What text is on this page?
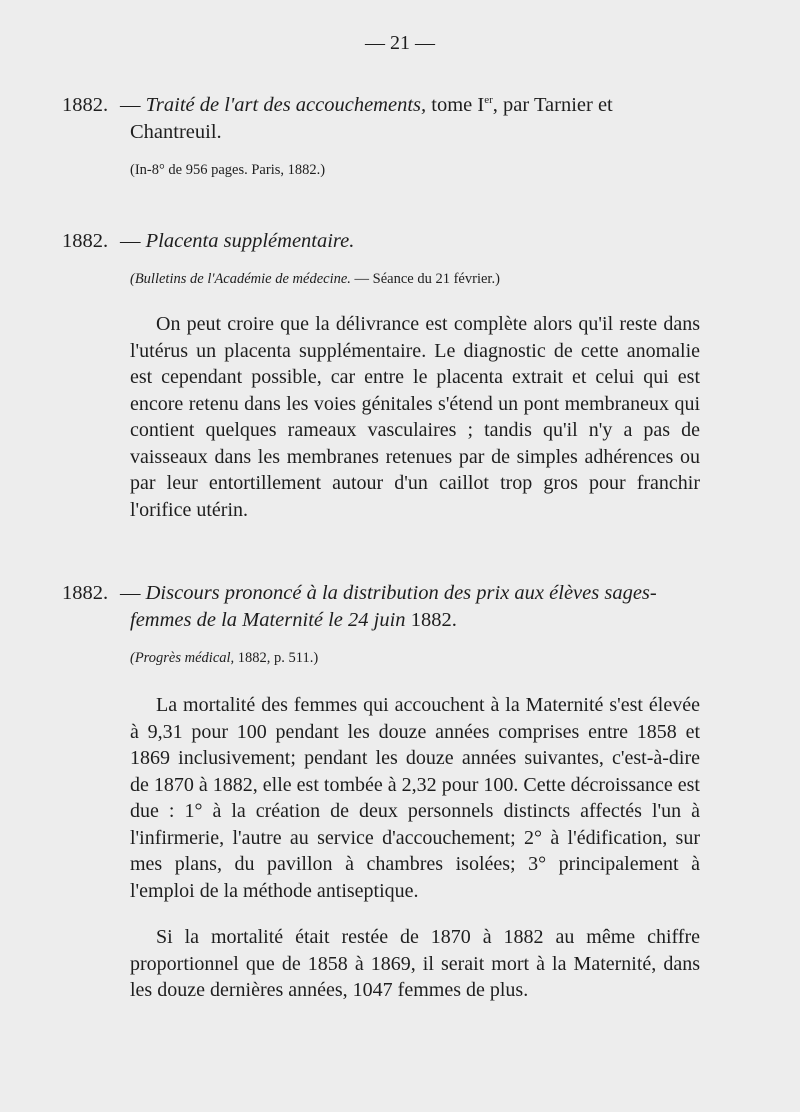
— 21 —

1882. — Traité de l'art des accouchements, tome Ier, par Tarnier et Chantreuil.

(In-8° de 956 pages. Paris, 1882.)

1882. — Placenta supplémentaire.

(Bulletins de l'Académie de médecine. — Séance du 21 février.)

On peut croire que la délivrance est complète alors qu'il reste dans l'utérus un placenta supplémentaire. Le diagnostic de cette anomalie est cependant possible, car entre le placenta extrait et celui qui est encore retenu dans les voies génitales s'étend un pont membraneux qui contient quelques rameaux vasculaires ; tandis qu'il n'y a pas de vaisseaux dans les membranes retenues par de simples adhérences ou par leur entortillement autour d'un caillot trop gros pour franchir l'orifice utérin.

1882. — Discours prononcé à la distribution des prix aux élèves sages-femmes de la Maternité le 24 juin 1882.

(Progrès médical, 1882, p. 511.)

La mortalité des femmes qui accouchent à la Maternité s'est élevée à 9,31 pour 100 pendant les douze années comprises entre 1858 et 1869 inclusivement; pendant les douze années suivantes, c'est-à-dire de 1870 à 1882, elle est tombée à 2,32 pour 100. Cette décroissance est due : 1° à la création de deux personnels distincts affectés l'un à l'infirmerie, l'autre au service d'accouchement; 2° à l'édification, sur mes plans, du pavillon à chambres isolées; 3° principalement à l'emploi de la méthode antiseptique.

Si la mortalité était restée de 1870 à 1882 au même chiffre proportionnel que de 1858 à 1869, il serait mort à la Maternité, dans les douze dernières années, 1047 femmes de plus.
